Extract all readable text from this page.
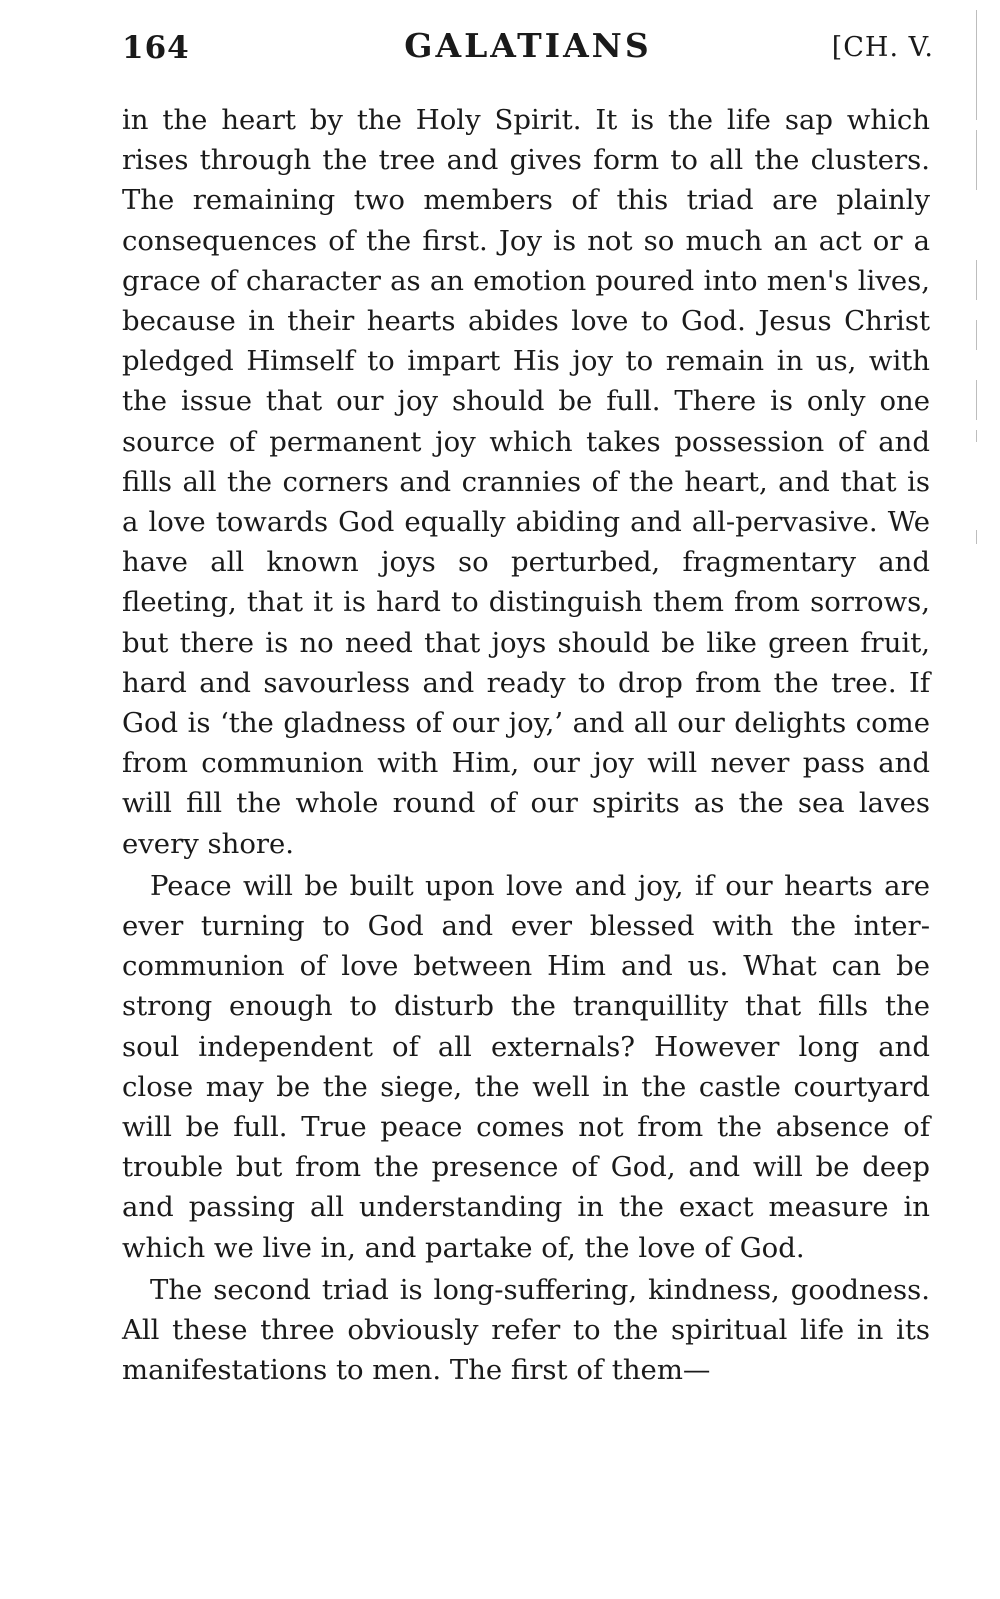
164	GALATIANS	[CH. V.

in the heart by the Holy Spirit. It is the life sap which rises through the tree and gives form to all the clusters. The remaining two members of this triad are plainly consequences of the first. Joy is not so much an act or a grace of character as an emotion poured into men's lives, because in their hearts abides love to God. Jesus Christ pledged Himself to impart His joy to remain in us, with the issue that our joy should be full. There is only one source of permanent joy which takes possession of and fills all the corners and crannies of the heart, and that is a love towards God equally abiding and all-pervasive. We have all known joys so perturbed, fragmentary and fleeting, that it is hard to distinguish them from sorrows, but there is no need that joys should be like green fruit, hard and savourless and ready to drop from the tree. If God is ‘the gladness of our joy,’ and all our delights come from communion with Him, our joy will never pass and will fill the whole round of our spirits as the sea laves every shore.

Peace will be built upon love and joy, if our hearts are ever turning to God and ever blessed with the inter-communion of love between Him and us. What can be strong enough to disturb the tranquillity that fills the soul independent of all externals? However long and close may be the siege, the well in the castle courtyard will be full. True peace comes not from the absence of trouble but from the presence of God, and will be deep and passing all understanding in the exact measure in which we live in, and partake of, the love of God.

The second triad is long-suffering, kindness, goodness. All these three obviously refer to the spiritual life in its manifestations to men. The first of them—
